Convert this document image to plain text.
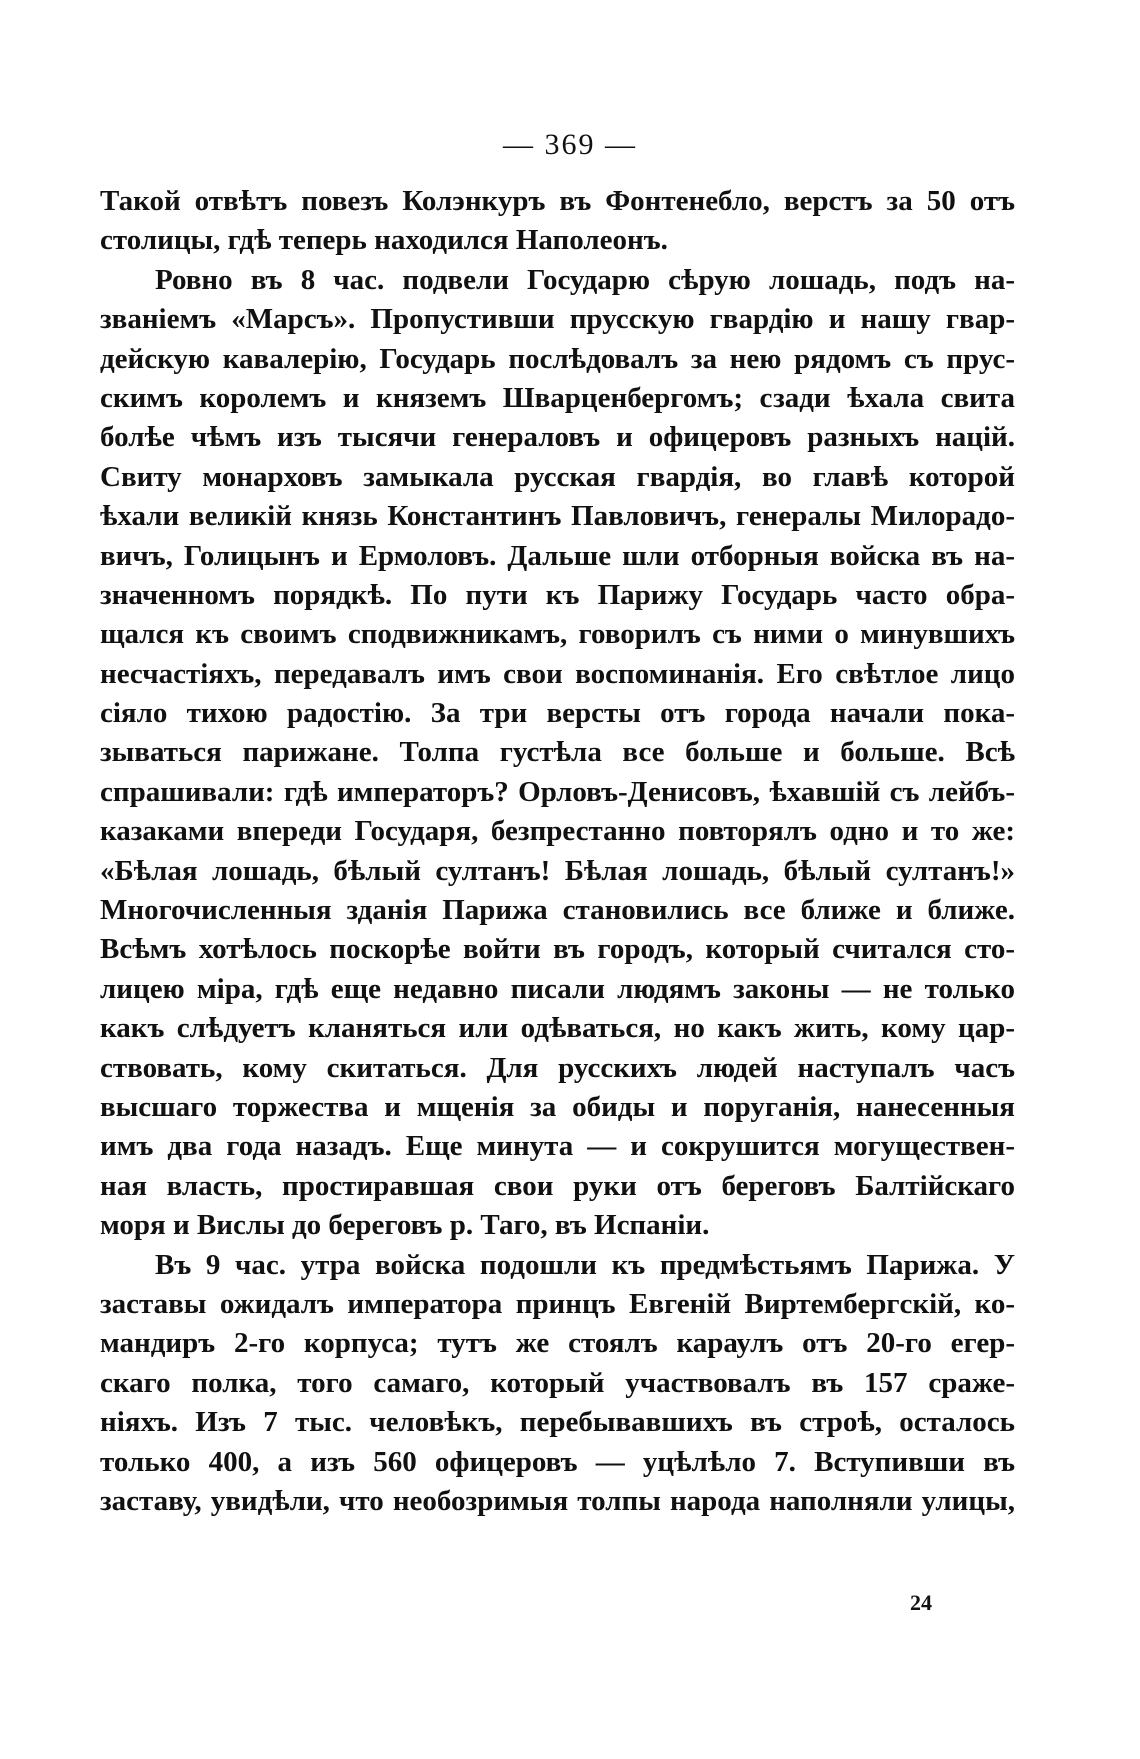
— 369 —
Такой отвѣтъ повезъ Колэнкуръ въ Фонтенебло, верстъ за 50 отъ
столицы, гдѣ теперь находился Наполеонъ.
Ровно въ 8 час. подвели Государю сѣрую лошадь, подъ на-
званіемъ «Марсъ». Пропустивши прусскую гвардію и нашу гвар-
дейскую кавалерію, Государь послѣдовалъ за нею рядомъ съ прус-
скимъ королемъ и княземъ Шварценбергомъ; сзади ѣхала свита
болѣе чѣмъ изъ тысячи генераловъ и офицеровъ разныхъ націй.
Свиту монарховъ замыкала русская гвардія, во главѣ которой
ѣхали великій князь Константинъ Павловичъ, генералы Милорадо-
вичъ, Голицынъ и Ермоловъ. Дальше шли отборныя войска въ на-
значенномъ порядкѣ. По пути къ Парижу Государь часто обра-
щался къ своимъ сподвижникамъ, говорилъ съ ними о минувшихъ
несчастіяхъ, передавалъ имъ свои воспоминанія. Его свѣтлое лицо
сіяло тихою радостію. За три версты отъ города начали пока-
зываться парижане. Толпа густѣла все больше и больше. Всѣ
спрашивали: гдѣ императоръ? Орловъ-Денисовъ, ѣхавшій съ лейбъ-
казаками впереди Государя, безпрестанно повторялъ одно и то же:
«Бѣлая лошадь, бѣлый султанъ! Бѣлая лошадь, бѣлый султанъ!»
Многочисленныя зданія Парижа становились все ближе и ближе.
Всѣмъ хотѣлось поскорѣе войти въ городъ, который считался сто-
лицею міра, гдѣ еще недавно писали людямъ законы — не только
какъ слѣдуетъ кланяться или одѣваться, но какъ жить, кому цар-
ствовать, кому скитаться. Для русскихъ людей наступалъ часъ
высшаго торжества и мщенія за обиды и поруганія, нанесенныя
имъ два года назадъ. Еще минута — и сокрушится могуществен-
ная власть, простиравшая свои руки отъ береговъ Балтійскаго
моря и Вислы до береговъ р. Таго, въ Испаніи.
Въ 9 час. утра войска подошли къ предмѣстьямъ Парижа. У
заставы ожидалъ императора принцъ Евгеній Виртембергскій, ко-
мандиръ 2-го корпуса; тутъ же стоялъ караулъ отъ 20-го егер-
скаго полка, того самаго, который участвовалъ въ 157 сраже-
ніяхъ. Изъ 7 тыс. человѣкъ, перебывавшихъ въ строѣ, осталось
только 400, а изъ 560 офицеровъ — уцѣлѣло 7. Вступивши въ
заставу, увидѣли, что необозримыя толпы народа наполняли улицы,
24
